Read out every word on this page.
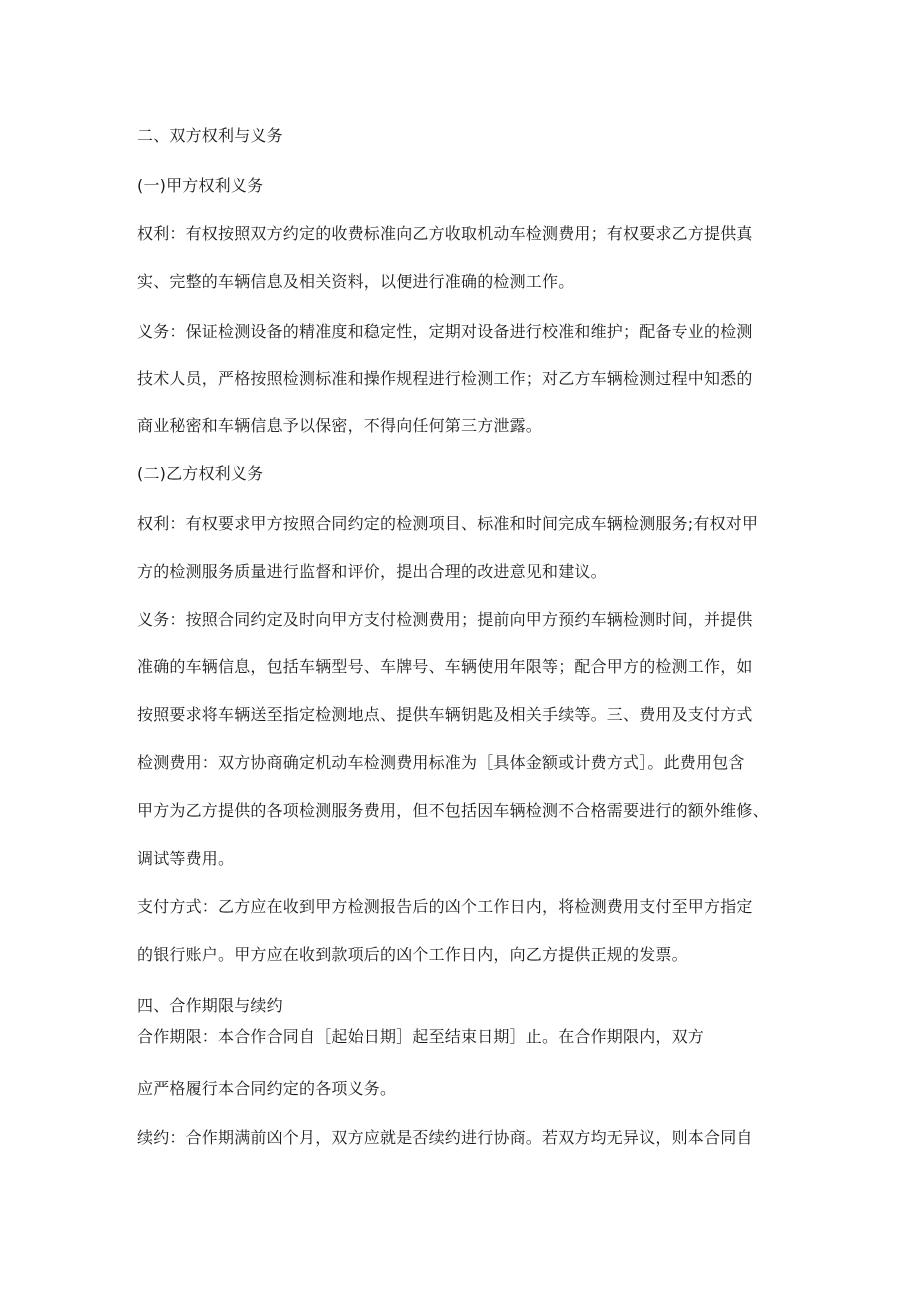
二、双方权利与义务
(一)甲方权利义务
权利：有权按照双方约定的收费标准向乙方收取机动车检测费用；有权要求乙方提供真
实、完整的车辆信息及相关资料，以便进行准确的检测工作。
义务：保证检测设备的精准度和稳定性，定期对设备进行校准和维护；配备专业的检测
技术人员，严格按照检测标准和操作规程进行检测工作；对乙方车辆检测过程中知悉的
商业秘密和车辆信息予以保密，不得向任何第三方泄露。
(二)乙方权利义务
权利：有权要求甲方按照合同约定的检测项目、标准和时间完成车辆检测服务;有权对甲
方的检测服务质量进行监督和评价，提出合理的改进意见和建议。
义务：按照合同约定及时向甲方支付检测费用；提前向甲方预约车辆检测时间，并提供
准确的车辆信息，包括车辆型号、车牌号、车辆使用年限等；配合甲方的检测工作，如
按照要求将车辆送至指定检测地点、提供车辆钥匙及相关手续等。三、费用及支付方式
检测费用：双方协商确定机动车检测费用标准为［具体金额或计费方式］。此费用包含
甲方为乙方提供的各项检测服务费用，但不包括因车辆检测不合格需要进行的额外维修、
调试等费用。
支付方式：乙方应在收到甲方检测报告后的凶个工作日内，将检测费用支付至甲方指定
的银行账户。甲方应在收到款项后的凶个工作日内，向乙方提供正规的发票。
四、合作期限与续约
合作期限：本合作合同自［起始日期］起至结束日期］止。在合作期限内，双方
应严格履行本合同约定的各项义务。
续约：合作期满前凶个月，双方应就是否续约进行协商。若双方均无异议，则本合同自
